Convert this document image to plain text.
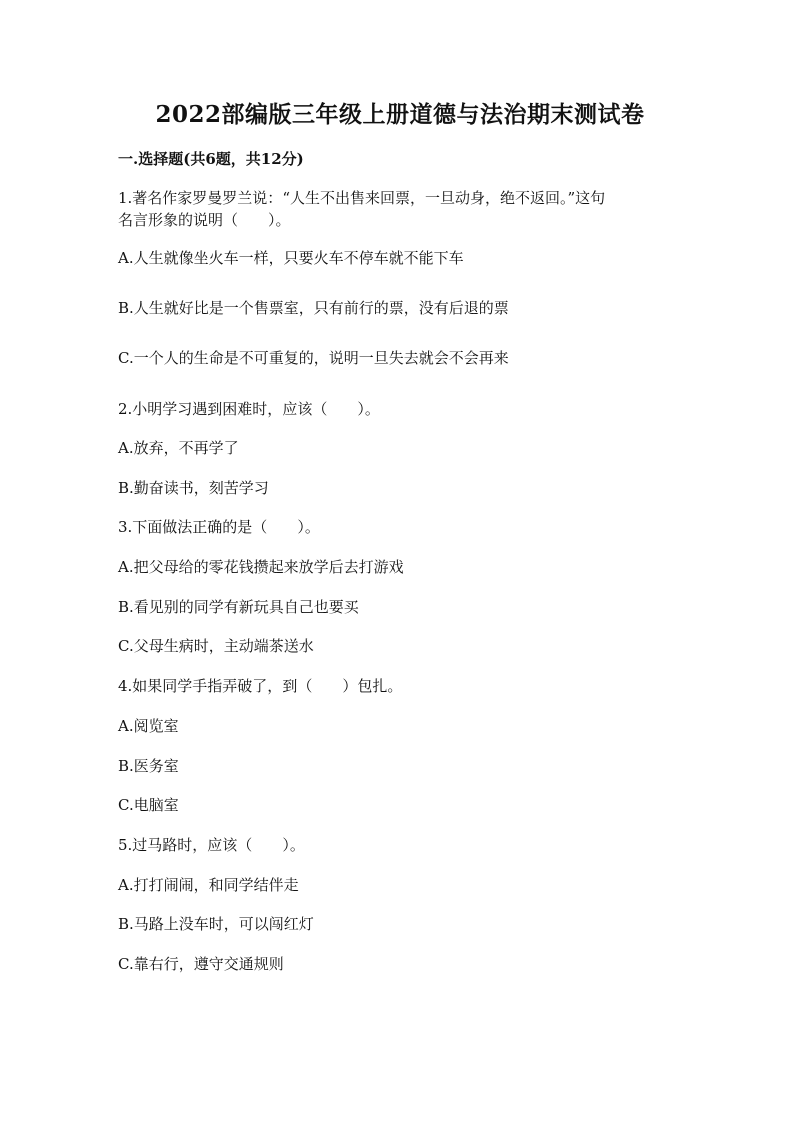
2022部编版三年级上册道德与法治期末测试卷
一.选择题(共6题，共12分)

1.著名作家罗曼罗兰说：“人生不出售来回票，一旦动身，绝不返回。”这句

名言形象的说明（　　）。

A.人生就像坐火车一样，只要火车不停车就不能下车

B.人生就好比是一个售票室，只有前行的票，没有后退的票

C.一个人的生命是不可重复的，说明一旦失去就会不会再来

2.小明学习遇到困难时，应该（　　）。

A.放弃，不再学了

B.勤奋读书，刻苦学习

3.下面做法正确的是（　　）。

A.把父母给的零花钱攒起来放学后去打游戏

B.看见别的同学有新玩具自己也要买

C.父母生病时，主动端茶送水

4.如果同学手指弄破了，到（　　）包扎。

A.阅览室

B.医务室

C.电脑室

5.过马路时，应该（　　）。

A.打打闹闹，和同学结伴走

B.马路上没车时，可以闯红灯

C.靠右行，遵守交通规则
